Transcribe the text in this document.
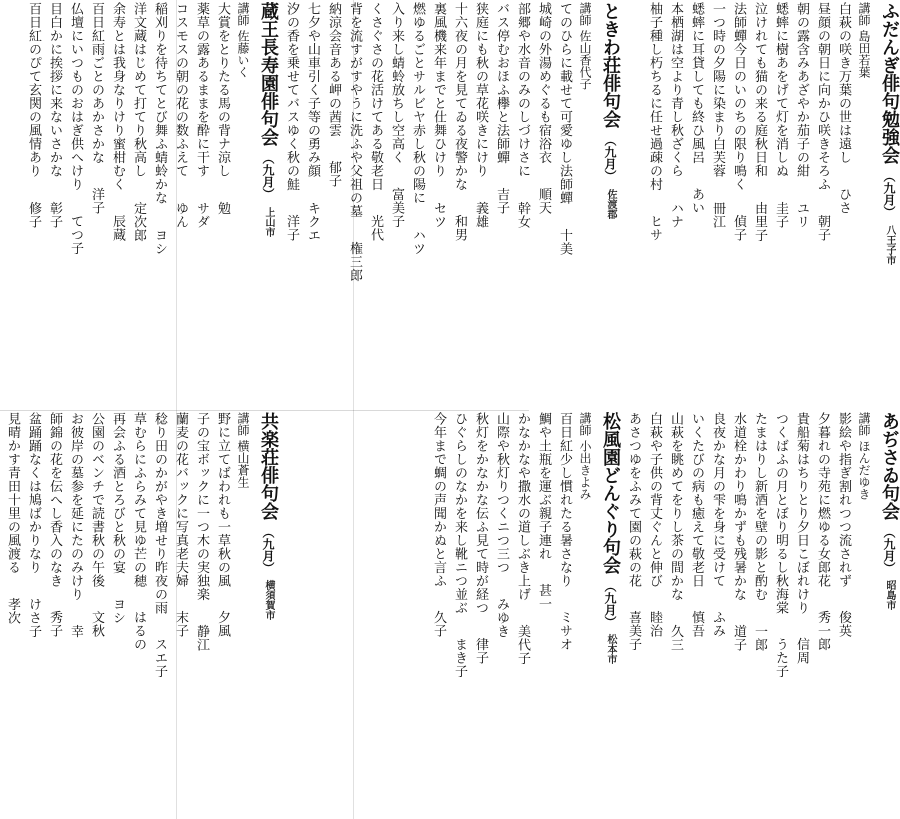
ふだんぎ俳句勉強会 （九月） 八王子市
講師 島田若葉
白萩の咲き万葉の世は遠し　ひさ
昼顔の朝日に向かひ咲きそろふ　朝子
朝の露含みあざやか茄子の紺　ユリ
蟋蟀に樹あをげて灯を消しぬ　圭子
泣けれても猫の来る庭秋日和　由里子
法師蟬今日のいのちの限り鳴く　偵子
一つ時の夕陽に染まり白芙蓉　冊江
蟋蟀に耳貸しても終ひ風呂　あい
本栖湖は空より青し秋ざくら　ハナ
柚子種し朽ちるに任せ過疎の村　ヒサ
ときわ荘俳句会 （九月） 佐渡郡
講師 佐山香代子
てのひらに載せて可愛ゆし法師蟬　十美
城崎の外湯めぐるも宿浴衣　順天
部郷や水音のみのしづけさに　幹女
バス停むおほふ欅と法師蟬　吉子
狭庭にも秋の草花咲きにけり　義雄
十六夜の月を見てゐる夜警かな　和男
裏風機来年までと仕舞ひけり　セツ
燃ゆるごとサルビヤ赤し秋の陽に　ハツ
入り来し蜻蛉放ちし空高く　富美子
くさぐさの花活けてある敬老日　光代
背を流すがすやうに洗ふや父祖の墓　権三郎
納涼会音ある岬の茜雲　郁子
七夕や山車引く子等の勇み顔　キクエ
汐の香を乗せてバスゆく秋の鮭　洋子
蔵王長寿園俳句会 （九月） 上山市
講師 佐藤いく
大賞をとりたる馬の背ナ涼し　勉
薬草の露あるままを酔に干す　サダ
コスモスの朝の花の数ふえて　ゆん
稲刈りを待ちてとび舞ふ蜻蛉かな　ヨシ
洋文蔵はじめて打てり秋高し　定次郎
余寿とは我身なりけり蜜柑むく　辰蔵
百日紅雨ごとのあかさかな　洋子
仏壇にいつものおはぎ供へけり　てつ子
目白かに挨拶に来ないさかな　彰子
百日紅のぴて玄関の風情あり　修子
あぢさゐ句会 （九月） 昭島市
講師 ほんだゆき
影絵や指ぎ割れつつ流されず　俊英
夕暮れの寺苑に燃ゆる女郎花　秀一郎
貴船菊はちりとり夕日こぼれけり　信周
つくばふの月とぼり明るし秋海棠　うた子
たまはりし新酒を壁の影と酌む　一郎
水道栓かわり鳴かずも残暑かな　道子
良夜かな月の雫を身に受けて　ふみ
いくたびの病も癒えて敬老日　慎吾
山萩を眺めてをりし茶の間かな　久三
白萩や子供の背丈ぐんと伸び　睦治
あさつゆをふみて園の萩の花　喜美子
松風園どんぐり句会 （九月） 松本市
講師 小出きよみ
百日紅少し慣れたる暑さなり　ミサオ
鯛や土瓶を運ぶ親子連れ　甚一
かなかなや撒水の道しぶき上げ　美代子
山際や秋灯りつくニつ三つ　みゆき
秋灯をかなかな伝ふ見て時が経つ　律子
ひぐらしのなかを来し靴ニつ並ぶ　まき子
今年まで蜩の声聞かぬと言ふ　久子
共楽荘俳句会 （九月） 横須賀市
講師 横山蒼生
野に立てばわれも一草秋の風　夕風
子の宝ボックに一つ木の実独楽　静江
蘭麦の花バックに写真老夫婦　末子
稔り田のかがやき増せり昨夜の雨　スエ子
草むらにふらみて見ゆ芒の穂　はるの
再会ふる酒とろびと秋の宴　ヨシ
公園のベンチで読書秋の午後　文秋
お彼岸の墓参を延にたのみけり　幸
師錦の花を伝へし香入のなき　秀子
盆踊踊なくは鳩ばかりなり　けさ子
見晴かす青田十里の風渡る　孝次
